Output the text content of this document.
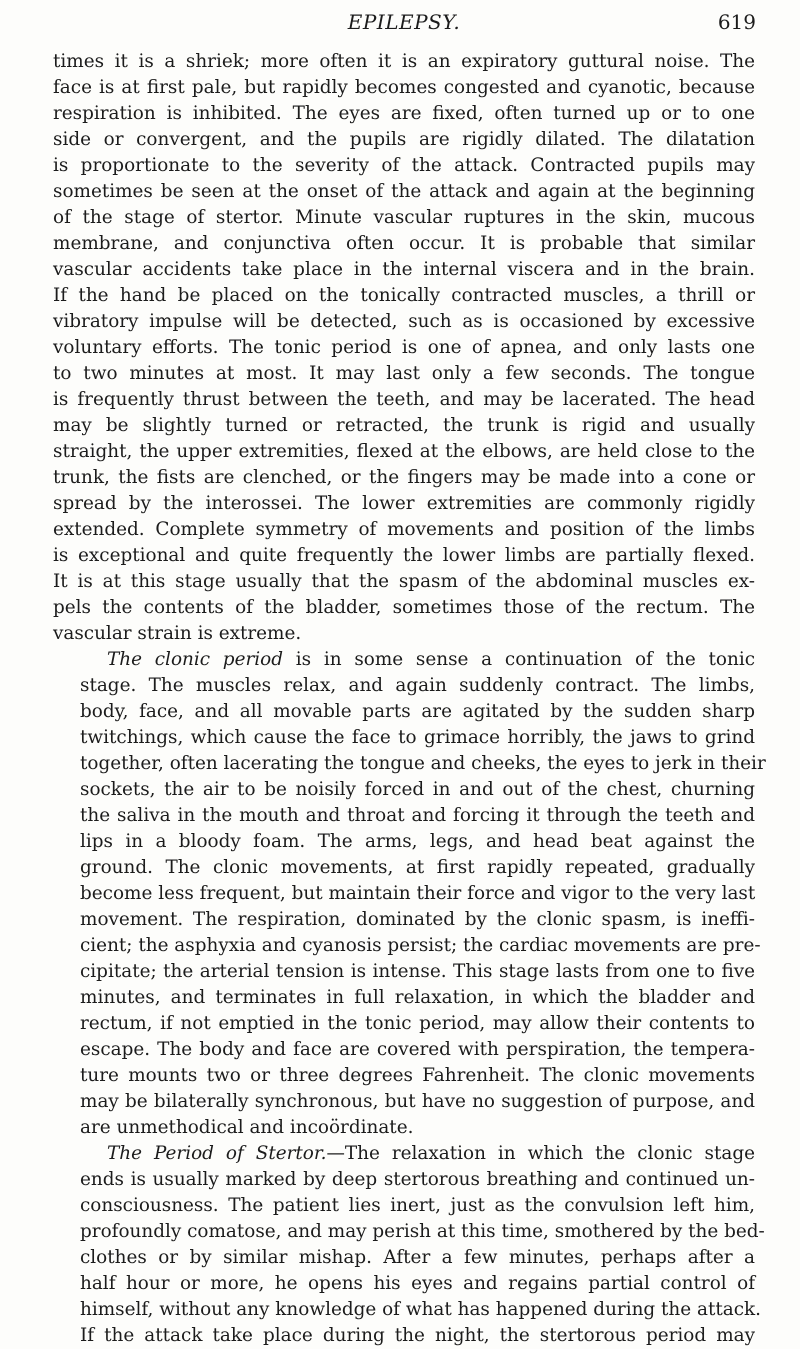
EPILEPSY.	619

times it is a shriek; more often it is an expiratory guttural noise. The
face is at first pale, but rapidly becomes congested and cyanotic, because
respiration is inhibited. The eyes are fixed, often turned up or to one
side or convergent, and the pupils are rigidly dilated. The dilatation
is proportionate to the severity of the attack. Contracted pupils may
sometimes be seen at the onset of the attack and again at the beginning
of the stage of stertor. Minute vascular ruptures in the skin, mucous
membrane, and conjunctiva often occur. It is probable that similar
vascular accidents take place in the internal viscera and in the brain.
If the hand be placed on the tonically contracted muscles, a thrill or
vibratory impulse will be detected, such as is occasioned by excessive
voluntary efforts. The tonic period is one of apnea, and only lasts one
to two minutes at most. It may last only a few seconds. The tongue
is frequently thrust between the teeth, and may be lacerated. The head
may be slightly turned or retracted, the trunk is rigid and usually
straight, the upper extremities, flexed at the elbows, are held close to the
trunk, the fists are clenched, or the fingers may be made into a cone or
spread by the interossei. The lower extremities are commonly rigidly
extended. Complete symmetry of movements and position of the limbs
is exceptional and quite frequently the lower limbs are partially flexed.
It is at this stage usually that the spasm of the abdominal muscles ex-
pels the contents of the bladder, sometimes those of the rectum. The
vascular strain is extreme.

The clonic period is in some sense a continuation of the tonic
stage. The muscles relax, and again suddenly contract. The limbs,
body, face, and all movable parts are agitated by the sudden sharp
twitchings, which cause the face to grimace horribly, the jaws to grind
together, often lacerating the tongue and cheeks, the eyes to jerk in their
sockets, the air to be noisily forced in and out of the chest, churning
the saliva in the mouth and throat and forcing it through the teeth and
lips in a bloody foam. The arms, legs, and head beat against the
ground. The clonic movements, at first rapidly repeated, gradually
become less frequent, but maintain their force and vigor to the very last
movement. The respiration, dominated by the clonic spasm, is ineffi-
cient; the asphyxia and cyanosis persist; the cardiac movements are pre-
cipitate; the arterial tension is intense. This stage lasts from one to five
minutes, and terminates in full relaxation, in which the bladder and
rectum, if not emptied in the tonic period, may allow their contents to
escape. The body and face are covered with perspiration, the tempera-
ture mounts two or three degrees Fahrenheit. The clonic movements
may be bilaterally synchronous, but have no suggestion of purpose, and
are unmethodical and incoördinate.

The Period of Stertor.—The relaxation in which the clonic stage
ends is usually marked by deep stertorous breathing and continued un-
consciousness. The patient lies inert, just as the convulsion left him,
profoundly comatose, and may perish at this time, smothered by the bed-
clothes or by similar mishap. After a few minutes, perhaps after a
half hour or more, he opens his eyes and regains partial control of
himself, without any knowledge of what has happened during the attack.
If the attack take place during the night, the stertorous period may
